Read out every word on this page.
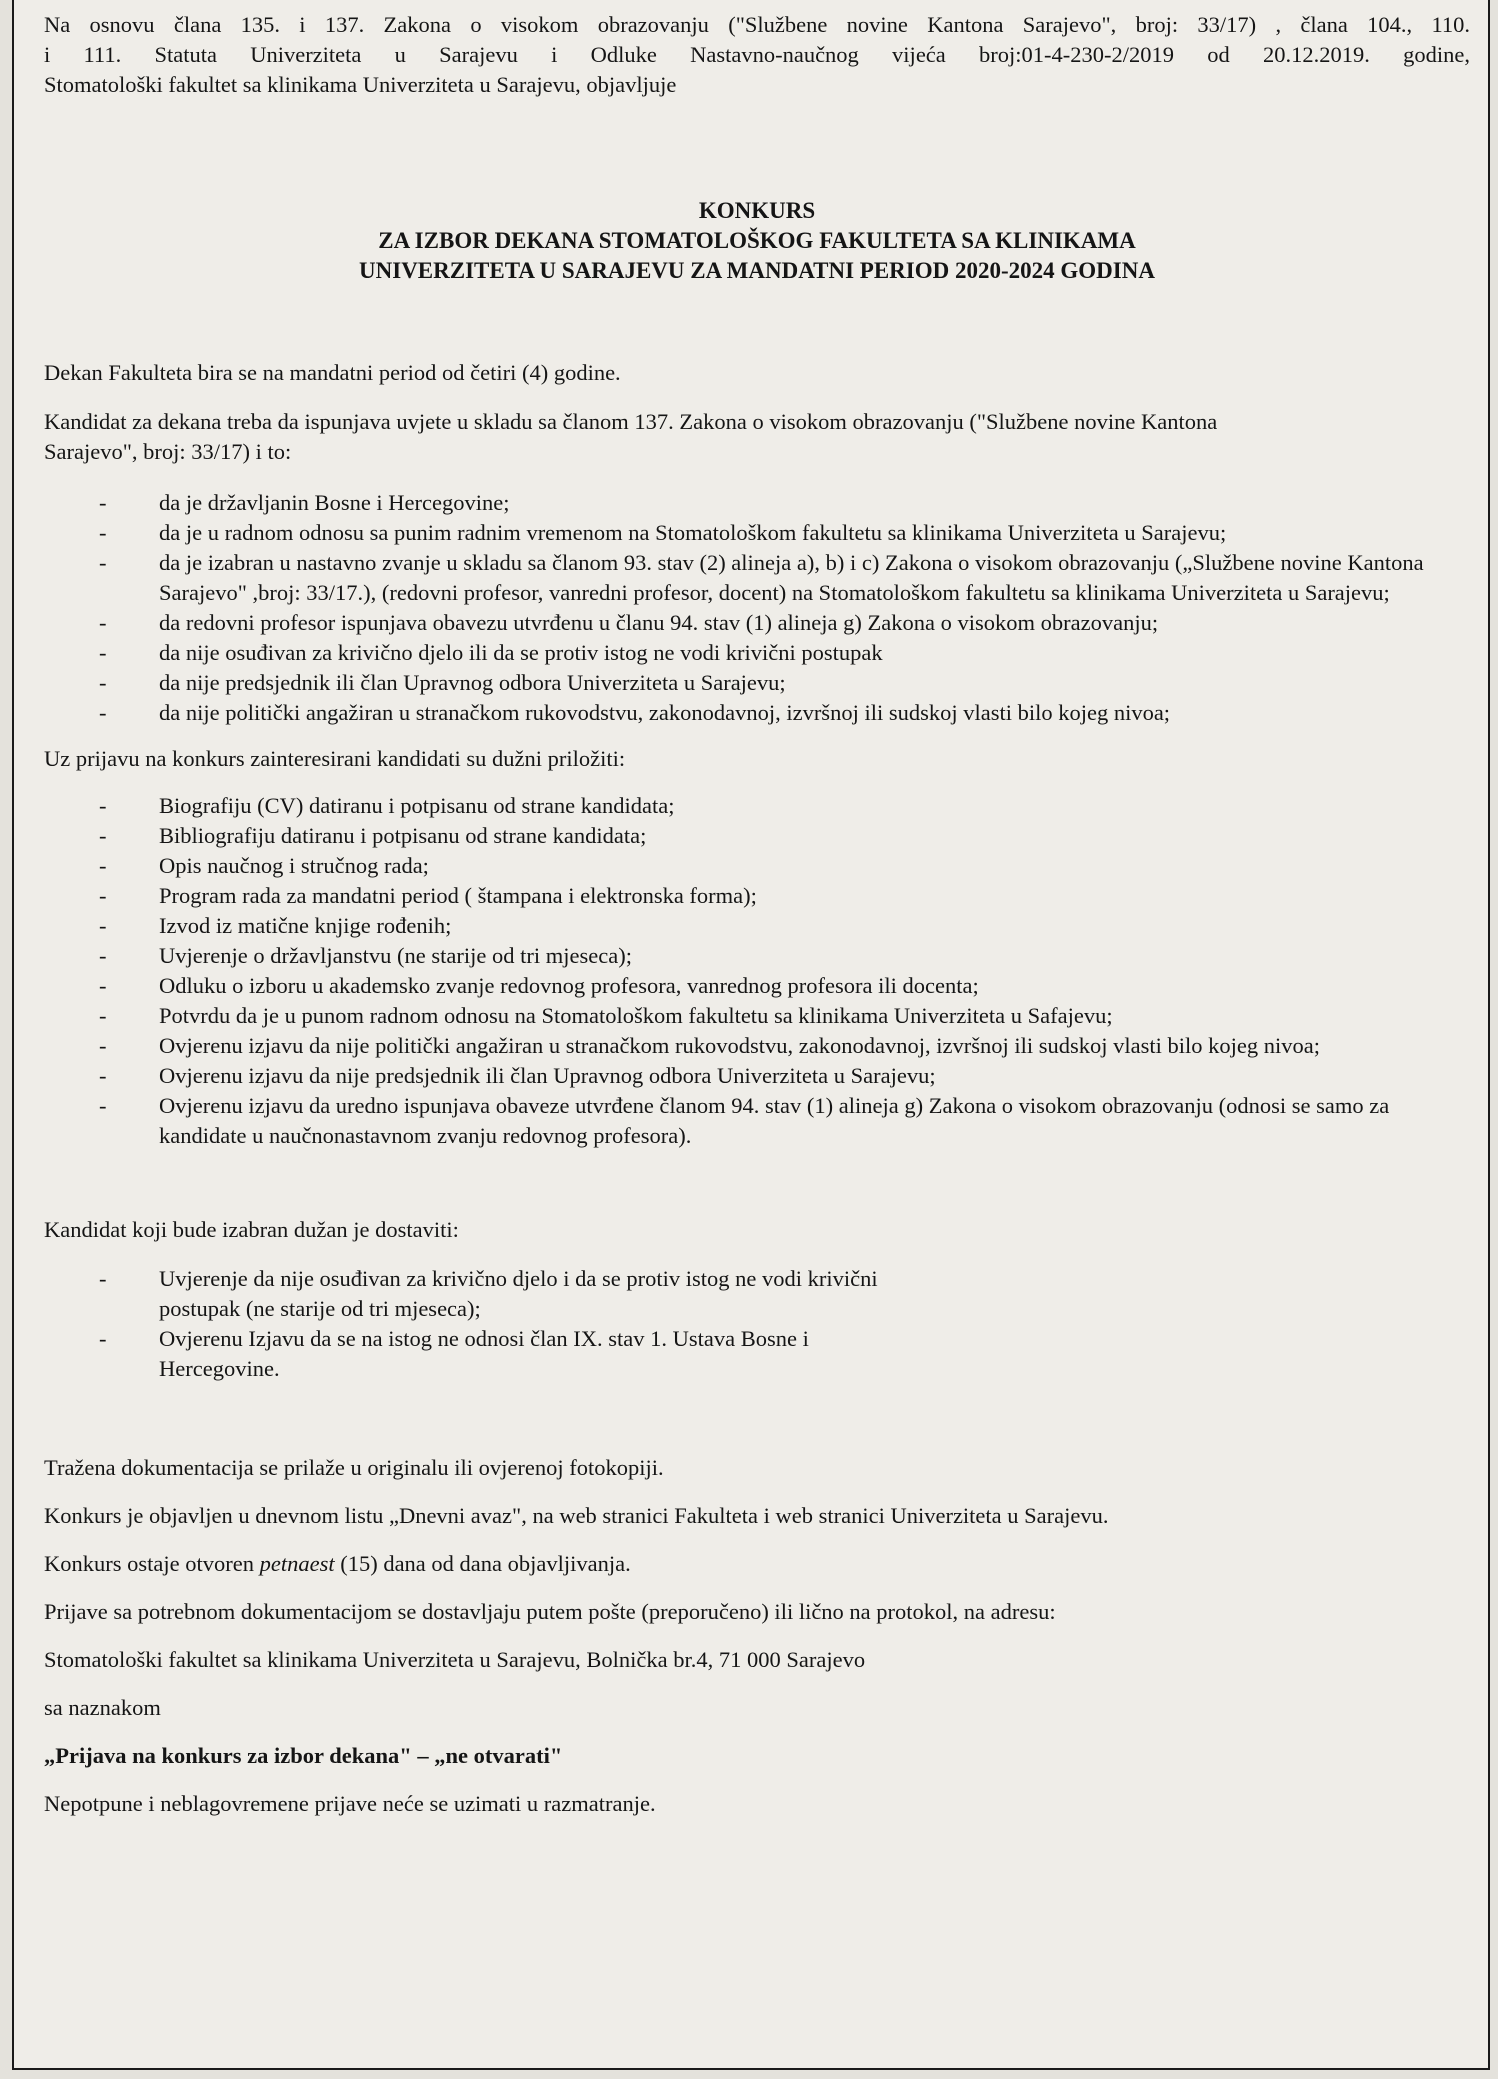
Na osnovu člana 135. i 137. Zakona o visokom obrazovanju ("Službene novine Kantona Sarajevo", broj: 33/17) , člana 104., 110.

i 111. Statuta Univerziteta u Sarajevu i Odluke Nastavno-naučnog vijeća broj:01-4-230-2/2019 od 20.12.2019. godine,

Stomatološki fakultet sa klinikama Univerziteta u Sarajevu, objavljuje

KONKURS
ZA IZBOR DEKANA STOMATOLOŠKOG FAKULTETA SA KLINIKAMA
UNIVERZITETA U SARAJEVU ZA MANDATNI PERIOD 2020-2024 GODINA

Dekan Fakulteta bira se na mandatni period od četiri (4) godine.

Kandidat za dekana treba da ispunjava uvjete u skladu sa članom 137. Zakona o visokom obrazovanju ("Službene novine Kantona Sarajevo", broj: 33/17) i to:

- da je državljanin Bosne i Hercegovine;
- da je u radnom odnosu sa punim radnim vremenom na Stomatološkom fakultetu sa klinikama Univerziteta u Sarajevu;
- da je izabran u nastavno zvanje u skladu sa članom 93. stav (2) alineja a), b) i c) Zakona o visokom obrazovanju („Službene novine Kantona Sarajevo" ,broj: 33/17.), (redovni profesor, vanredni profesor, docent) na Stomatološkom fakultetu sa klinikama Univerziteta u Sarajevu;
- da redovni profesor ispunjava obavezu utvrđenu u članu 94. stav (1) alineja g) Zakona o visokom obrazovanju;
- da nije osuđivan za krivično djelo ili da se protiv istog ne vodi krivični postupak
- da nije predsjednik ili član Upravnog odbora Univerziteta u Sarajevu;
- da nije politički angažiran u stranačkom rukovodstvu, zakonodavnoj, izvršnoj ili sudskoj vlasti bilo kojeg nivoa;

Uz prijavu na konkurs zainteresirani kandidati su dužni priložiti:

- Biografiju (CV) datiranu i potpisanu od strane kandidata;
- Bibliografiju datiranu i potpisanu od strane kandidata;
- Opis naučnog i stručnog rada;
- Program rada za mandatni period ( štampana i elektronska forma);
- Izvod iz matične knjige rođenih;
- Uvjerenje o državljanstvu (ne starije od tri mjeseca);
- Odluku o izboru u akademsko zvanje redovnog profesora, vanrednog profesora ili docenta;
- Potvrdu da je u punom radnom odnosu na Stomatološkom fakultetu sa klinikama Univerziteta u Safajevu;
- Ovjerenu izjavu da nije politički angažiran u stranačkom rukovodstvu, zakonodavnoj, izvršnoj ili sudskoj vlasti bilo kojeg nivoa;
- Ovjerenu izjavu da nije predsjednik ili član Upravnog odbora Univerziteta u Sarajevu;
- Ovjerenu izjavu da uredno ispunjava obaveze utvrđene članom 94. stav (1) alineja g) Zakona o visokom obrazovanju (odnosi se samo za kandidate u naučnonastavnom zvanju redovnog profesora).

Kandidat koji bude izabran dužan je dostaviti:

- Uvjerenje da nije osuđivan za krivično djelo i da se protiv istog ne vodi krivični postupak (ne starije od tri mjeseca);
- Ovjerenu Izjavu da se na istog ne odnosi član IX. stav 1. Ustava Bosne i Hercegovine.

Tražena dokumentacija se prilaže u originalu ili ovjerenoj fotokopiji.

Konkurs je objavljen u dnevnom listu „Dnevni avaz", na web stranici Fakulteta i web stranici Univerziteta u Sarajevu.

Konkurs ostaje otvoren petnaest (15) dana od dana objavljivanja.

Prijave sa potrebnom dokumentacijom se dostavljaju putem pošte (preporučeno) ili lično na protokol, na adresu:

Stomatološki fakultet sa klinikama Univerziteta u Sarajevu, Bolnička br.4, 71 000 Sarajevo

sa naznakom

„Prijava na konkurs za izbor dekana" – „ne otvarati"

Nepotpune i neblagovremene prijave neće se uzimati u razmatranje.
